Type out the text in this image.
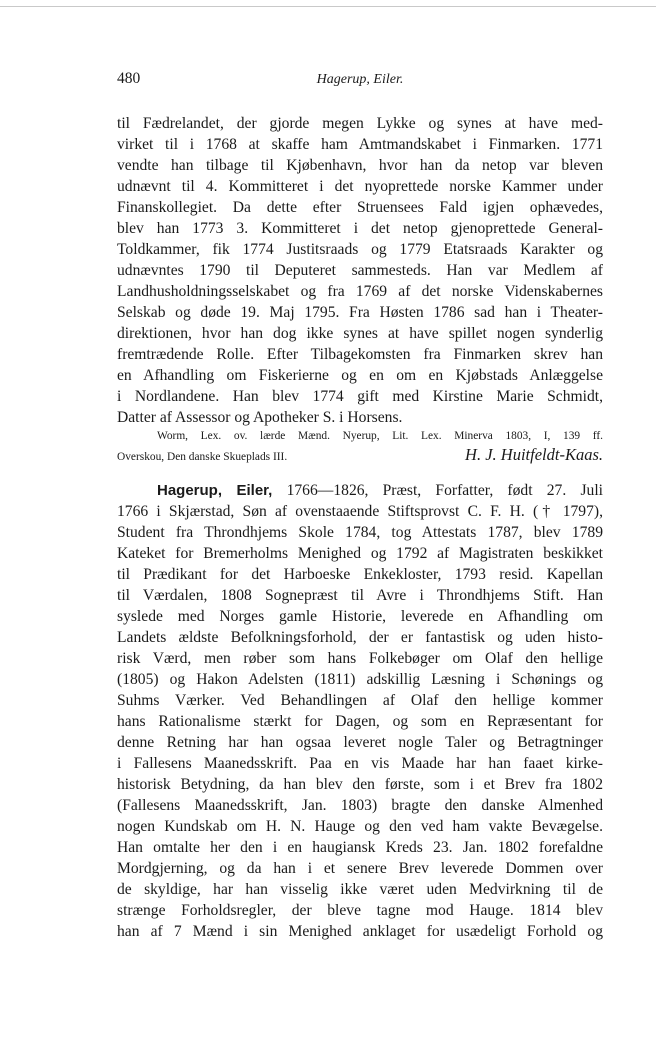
480	Hagerup, Eiler.
til Fædrelandet, der gjorde megen Lykke og synes at have med-
virket til i 1768 at skaffe ham Amtmandskabet i Finmarken. 1771
vendte han tilbage til Kjøbenhavn, hvor han da netop var bleven
udnævnt til 4. Kommitteret i det nyoprettede norske Kammer under
Finanskollegiet. Da dette efter Struensees Fald igjen ophævedes,
blev han 1773 3. Kommitteret i det netop gjenoprettede General-
Toldkammer, fik 1774 Justitsraads og 1779 Etatsraads Karakter og
udnævntes 1790 til Deputeret sammesteds. Han var Medlem af
Landhusholdningsselskabet og fra 1769 af det norske Videnskabernes
Selskab og døde 19. Maj 1795. Fra Høsten 1786 sad han i Theater-
direktionen, hvor han dog ikke synes at have spillet nogen synderlig
fremtrædende Rolle. Efter Tilbagekomsten fra Finmarken skrev han
en Afhandling om Fiskerierne og en om en Kjøbstads Anlæggelse
i Nordlandene. Han blev 1774 gift med Kirstine Marie Schmidt,
Datter af Assessor og Apotheker S. i Horsens.
Worm, Lex. ov. lærde Mænd. Nyerup, Lit. Lex. Minerva 1803, I, 139 ff.
Overskou, Den danske Skueplads III.	H. J. Huitfeldt-Kaas.
Hagerup, Eiler, 1766—1826, Præst, Forfatter, født 27. Juli
1766 i Skjærstad, Søn af ovenstaaende Stiftsprovst C. F. H. († 1797),
Student fra Throndhjems Skole 1784, tog Attestats 1787, blev 1789
Kateket for Bremerholms Menighed og 1792 af Magistraten beskikket
til Prædikant for det Harboeske Enkekloster, 1793 resid. Kapellan
til Værdalen, 1808 Sognepræst til Avre i Throndhjems Stift. Han
syslede med Norges gamle Historie, leverede en Afhandling om
Landets ældste Befolkningsforhold, der er fantastisk og uden histo-
risk Værd, men røber som hans Folkebøger om Olaf den hellige
(1805) og Hakon Adelsten (1811) adskillig Læsning i Schønings og
Suhms Værker. Ved Behandlingen af Olaf den hellige kommer
hans Rationalisme stærkt for Dagen, og som en Repræsentant for
denne Retning har han ogsaa leveret nogle Taler og Betragtninger
i Fallesens Maanedsskrift. Paa en vis Maade har han faaet kirke-
historisk Betydning, da han blev den første, som i et Brev fra 1802
(Fallesens Maanedsskrift, Jan. 1803) bragte den danske Almenhed
nogen Kundskab om H. N. Hauge og den ved ham vakte Bevægelse.
Han omtalte her den i en haugiansk Kreds 23. Jan. 1802 forefaldne
Mordgjerning, og da han i et senere Brev leverede Dommen over
de skyldige, har han visselig ikke været uden Medvirkning til de
strænge Forholdsregler, der bleve tagne mod Hauge. 1814 blev
han af 7 Mænd i sin Menighed anklaget for usædeligt Forhold og
